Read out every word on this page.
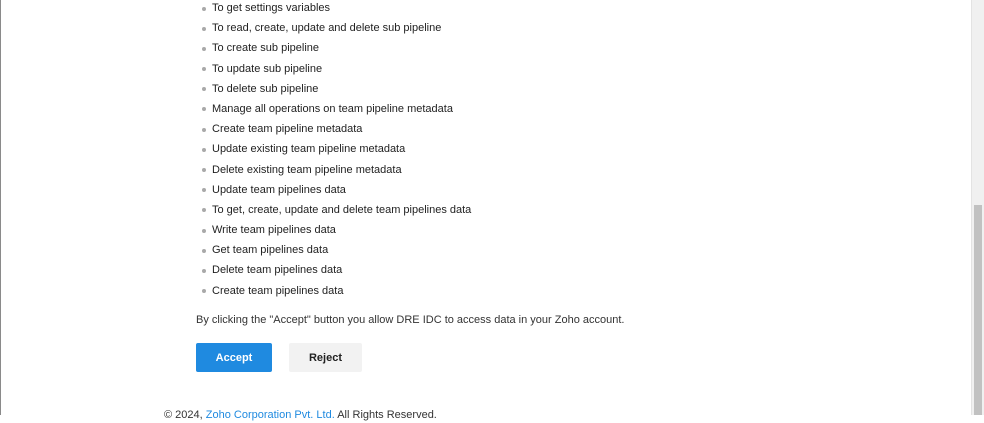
To get settings variables
To read, create, update and delete sub pipeline
To create sub pipeline
To update sub pipeline
To delete sub pipeline
Manage all operations on team pipeline metadata
Create team pipeline metadata
Update existing team pipeline metadata
Delete existing team pipeline metadata
Update team pipelines data
To get, create, update and delete team pipelines data
Write team pipelines data
Get team pipelines data
Delete team pipelines data
Create team pipelines data
By clicking the "Accept" button you allow DRE IDC to access data in your Zoho account.
Accept	Reject
© 2024, Zoho Corporation Pvt. Ltd. All Rights Reserved.
